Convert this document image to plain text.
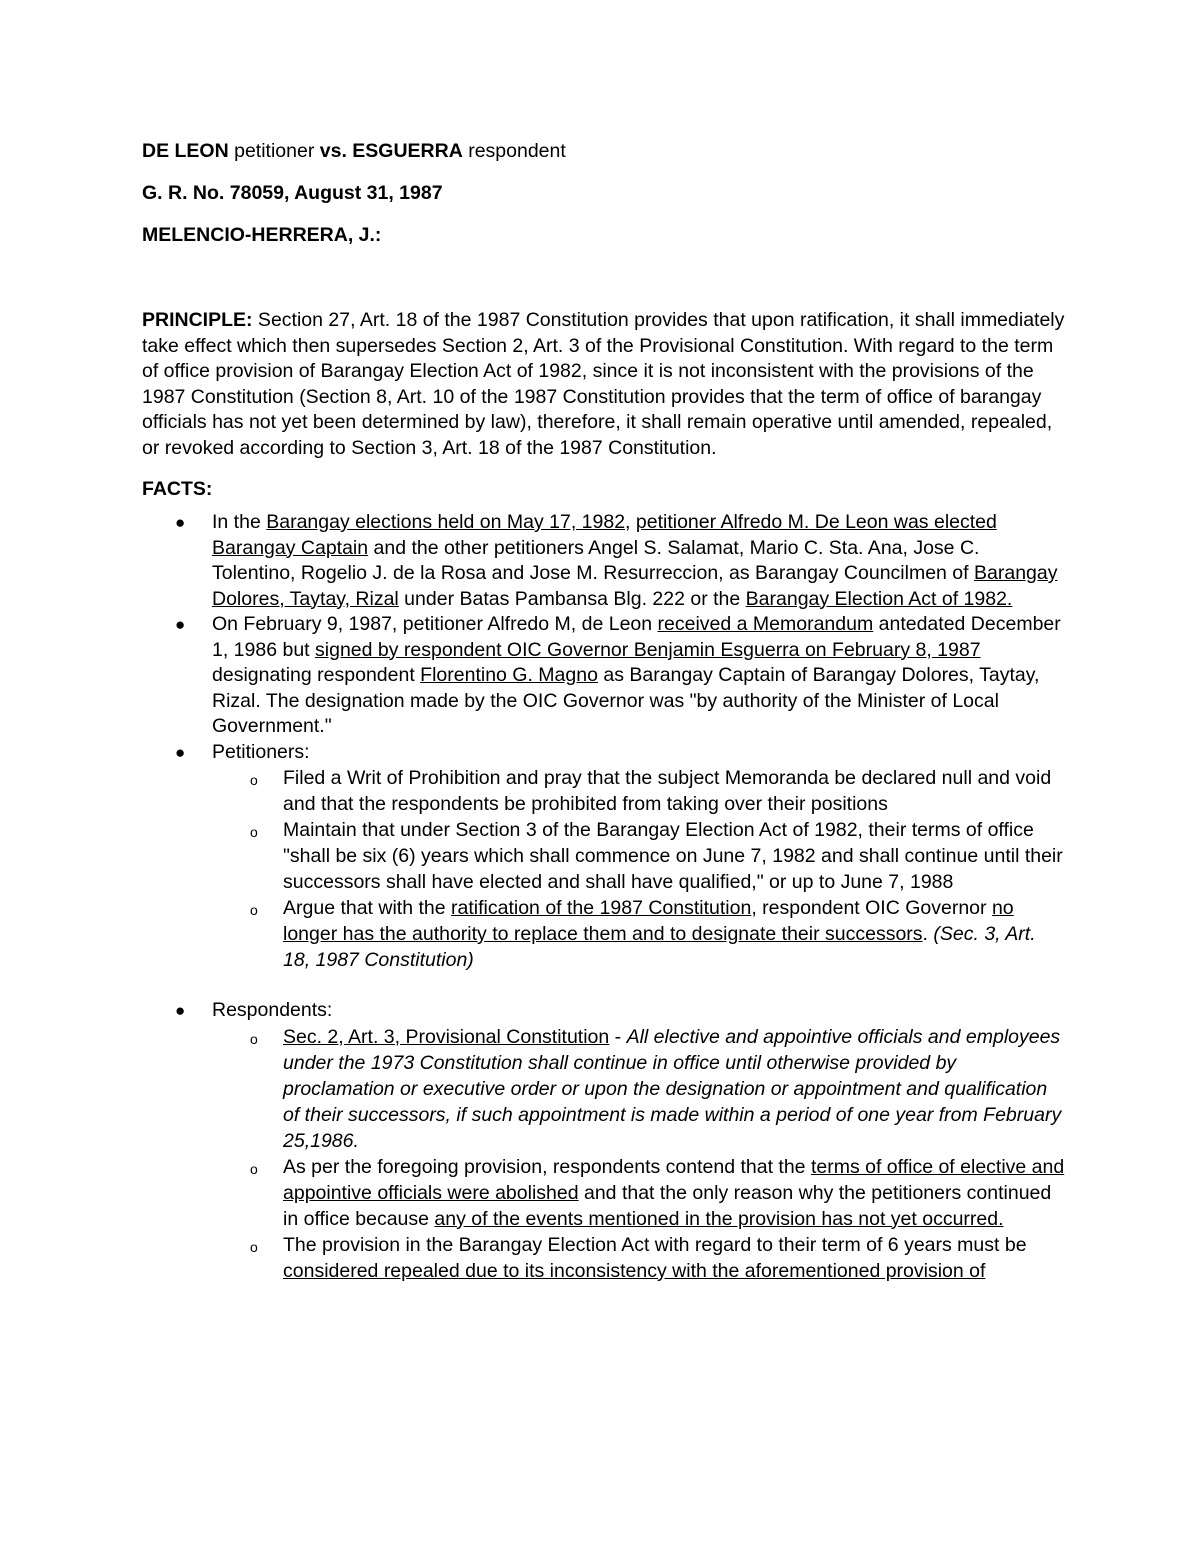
DE LEON petitioner vs. ESGUERRA respondent
G. R. No. 78059, August 31, 1987
MELENCIO-HERRERA, J.:

PRINCIPLE: Section 27, Art. 18 of the 1987 Constitution provides that upon ratification, it shall immediately take effect which then supersedes Section 2, Art. 3 of the Provisional Constitution. With regard to the term of office provision of Barangay Election Act of 1982, since it is not inconsistent with the provisions of the 1987 Constitution (Section 8, Art. 10 of the 1987 Constitution provides that the term of office of barangay officials has not yet been determined by law), therefore, it shall remain operative until amended, repealed, or revoked according to Section 3, Art. 18 of the 1987 Constitution.

FACTS:
● In the Barangay elections held on May 17, 1982, petitioner Alfredo M. De Leon was elected Barangay Captain and the other petitioners Angel S. Salamat, Mario C. Sta. Ana, Jose C. Tolentino, Rogelio J. de la Rosa and Jose M. Resurreccion, as Barangay Councilmen of Barangay Dolores, Taytay, Rizal under Batas Pambansa Blg. 222 or the Barangay Election Act of 1982.
● On February 9, 1987, petitioner Alfredo M, de Leon received a Memorandum antedated December 1, 1986 but signed by respondent OIC Governor Benjamin Esguerra on February 8, 1987 designating respondent Florentino G. Magno as Barangay Captain of Barangay Dolores, Taytay, Rizal. The designation made by the OIC Governor was "by authority of the Minister of Local Government."
● Petitioners:
o Filed a Writ of Prohibition and pray that the subject Memoranda be declared null and void and that the respondents be prohibited from taking over their positions
o Maintain that under Section 3 of the Barangay Election Act of 1982, their terms of office "shall be six (6) years which shall commence on June 7, 1982 and shall continue until their successors shall have elected and shall have qualified," or up to June 7, 1988
o Argue that with the ratification of the 1987 Constitution, respondent OIC Governor no longer has the authority to replace them and to designate their successors. (Sec. 3, Art. 18, 1987 Constitution)
● Respondents:
o Sec. 2, Art. 3, Provisional Constitution - All elective and appointive officials and employees under the 1973 Constitution shall continue in office until otherwise provided by proclamation or executive order or upon the designation or appointment and qualification of their successors, if such appointment is made within a period of one year from February 25,1986.
o As per the foregoing provision, respondents contend that the terms of office of elective and appointive officials were abolished and that the only reason why the petitioners continued in office because any of the events mentioned in the provision has not yet occurred.
o The provision in the Barangay Election Act with regard to their term of 6 years must be considered repealed due to its inconsistency with the aforementioned provision of
